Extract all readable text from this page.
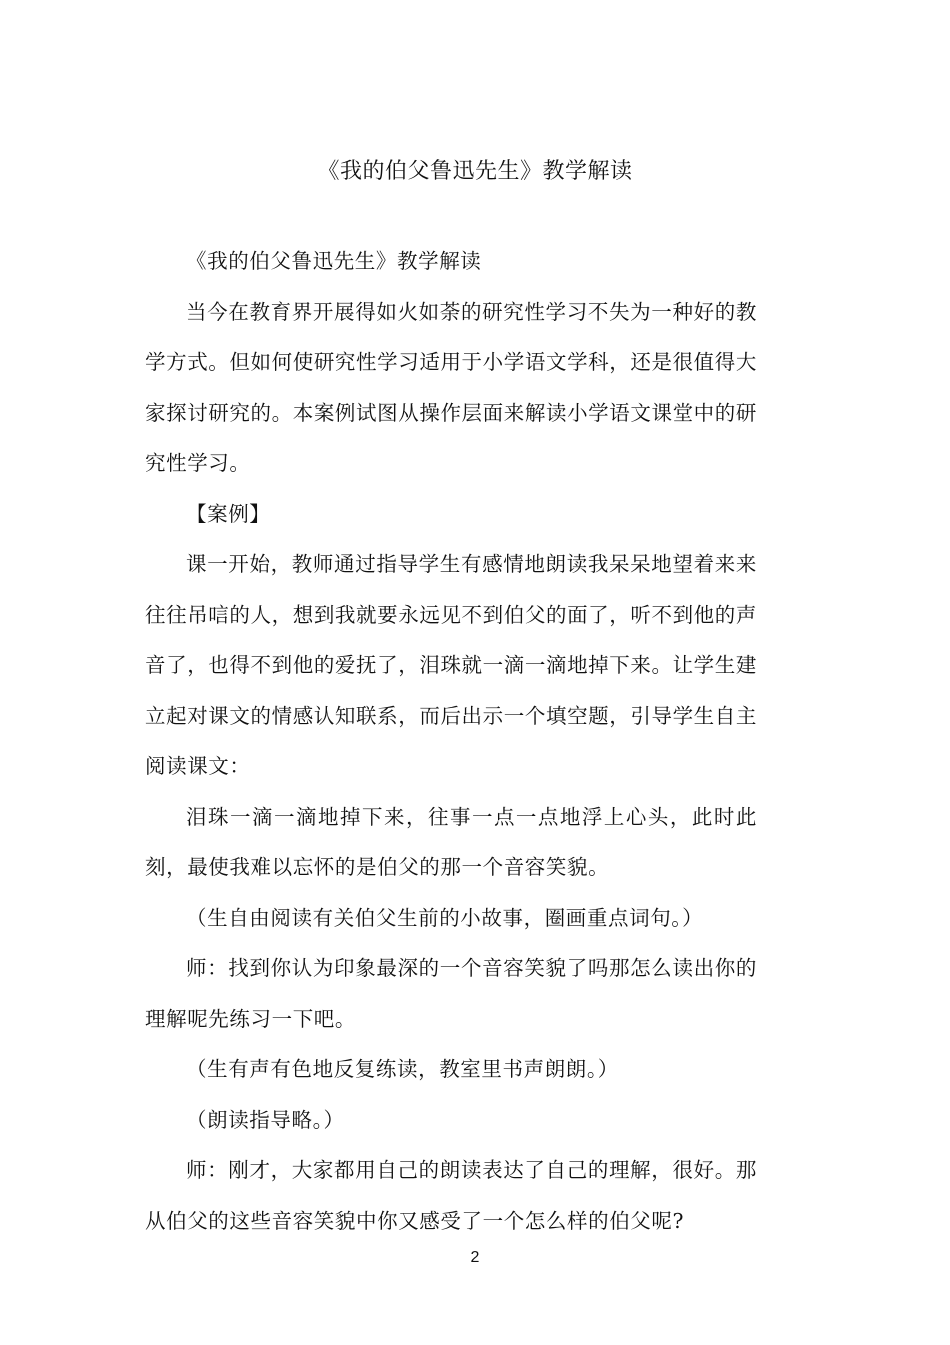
《我的伯父鲁迅先生》教学解读

《我的伯父鲁迅先生》教学解读

当今在教育界开展得如火如荼的研究性学习不失为一种好的教学方式。但如何使研究性学习适用于小学语文学科，还是很值得大家探讨研究的。本案例试图从操作层面来解读小学语文课堂中的研究性学习。

【案例】

课一开始，教师通过指导学生有感情地朗读我呆呆地望着来来往往吊唁的人，想到我就要永远见不到伯父的面了，听不到他的声音了，也得不到他的爱抚了，泪珠就一滴一滴地掉下来。让学生建立起对课文的情感认知联系，而后出示一个填空题，引导学生自主阅读课文：

泪珠一滴一滴地掉下来，往事一点一点地浮上心头，此时此刻，最使我难以忘怀的是伯父的那一个音容笑貌。

（生自由阅读有关伯父生前的小故事，圈画重点词句。）

师：找到你认为印象最深的一个音容笑貌了吗那怎么读出你的理解呢先练习一下吧。

（生有声有色地反复练读，教室里书声朗朗。）

（朗读指导略。）

师：刚才，大家都用自己的朗读表达了自己的理解，很好。那从伯父的这些音容笑貌中你又感受了一个怎么样的伯父呢?

2
